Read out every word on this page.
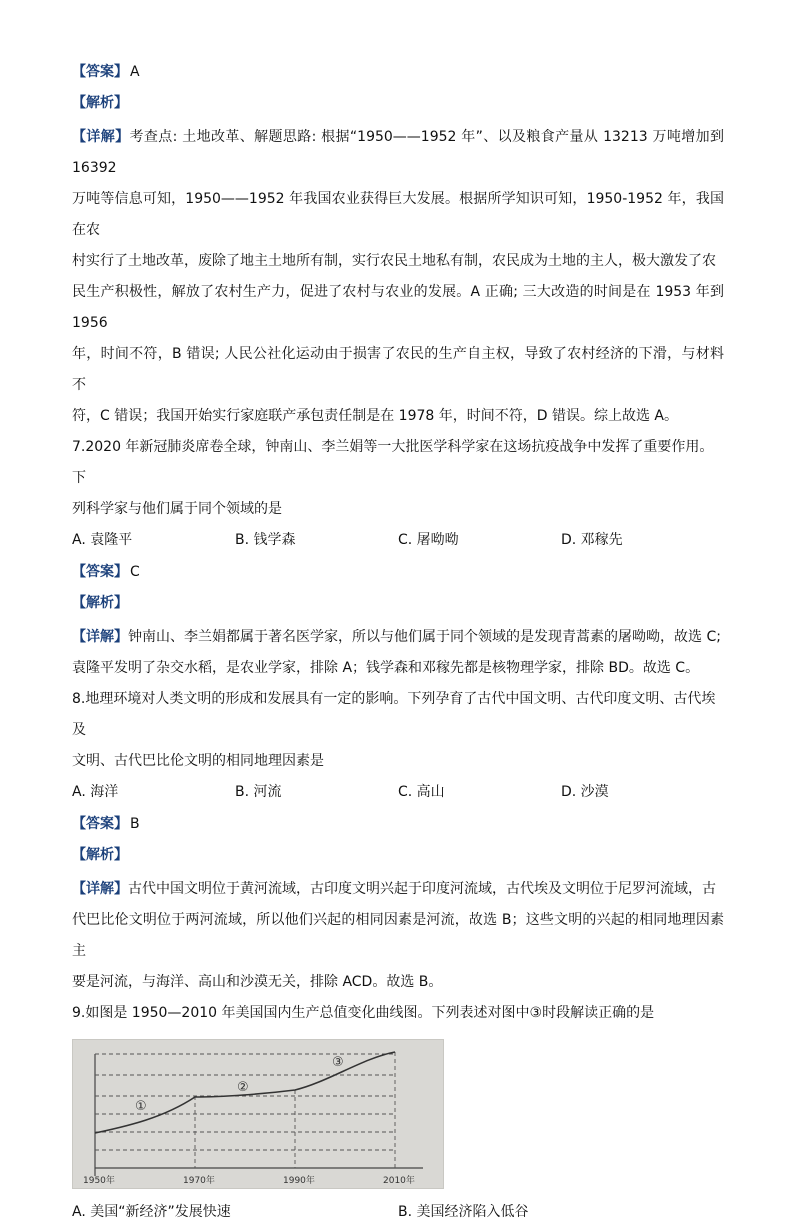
【答案】 A
【解析】
【详解】考查点: 土地改革、解题思路: 根据“1950——1952 年”、以及粮食产量从 13213 万吨增加到 16392
万吨等信息可知，1950——1952 年我国农业获得巨大发展。根据所学知识可知，1950-1952 年，我国在农
村实行了土地改革，废除了地主土地所有制，实行农民土地私有制，农民成为土地的主人，极大激发了农
民生产积极性，解放了农村生产力，促进了农村与农业的发展。A 正确; 三大改造的时间是在 1953 年到 1956
年，时间不符，B 错误; 人民公社化运动由于损害了农民的生产自主权，导致了农村经济的下滑，与材料不
符，C 错误；我国开始实行家庭联产承包责任制是在 1978 年，时间不符，D 错误。综上故选 A。
7.2020 年新冠肺炎席卷全球，钟南山、李兰娟等一大批医学科学家在这场抗疫战争中发挥了重要作用。下
列科学家与他们属于同个领域的是
A. 袁隆平	B. 钱学森	C. 屠呦呦	D. 邓稼先
【答案】 C
【解析】
【详解】钟南山、李兰娟都属于著名医学家，所以与他们属于同个领域的是发现青蒿素的屠呦呦，故选 C;
袁隆平发明了杂交水稻，是农业学家，排除 A；钱学森和邓稼先都是核物理学家，排除 BD。故选 C。
8.地理环境对人类文明的形成和发展具有一定的影响。下列孕育了古代中国文明、古代印度文明、古代埃及
文明、古代巴比伦文明的相同地理因素是
A. 海洋	B. 河流	C. 高山	D. 沙漠
【答案】 B
【解析】
【详解】古代中国文明位于黄河流域，古印度文明兴起于印度河流域，古代埃及文明位于尼罗河流域，古
代巴比伦文明位于两河流域，所以他们兴起的相同因素是河流，故选 B；这些文明的兴起的相同地理因素主
要是河流，与海洋、高山和沙漠无关，排除 ACD。故选 B。
9.如图是 1950—2010 年美国国内生产总值变化曲线图。下列表述对图中③时段解读正确的是
①
②
③
1950年	1970年	1990年	2010年
A. 美国“新经济”发展快速	B. 美国经济陷入低谷
